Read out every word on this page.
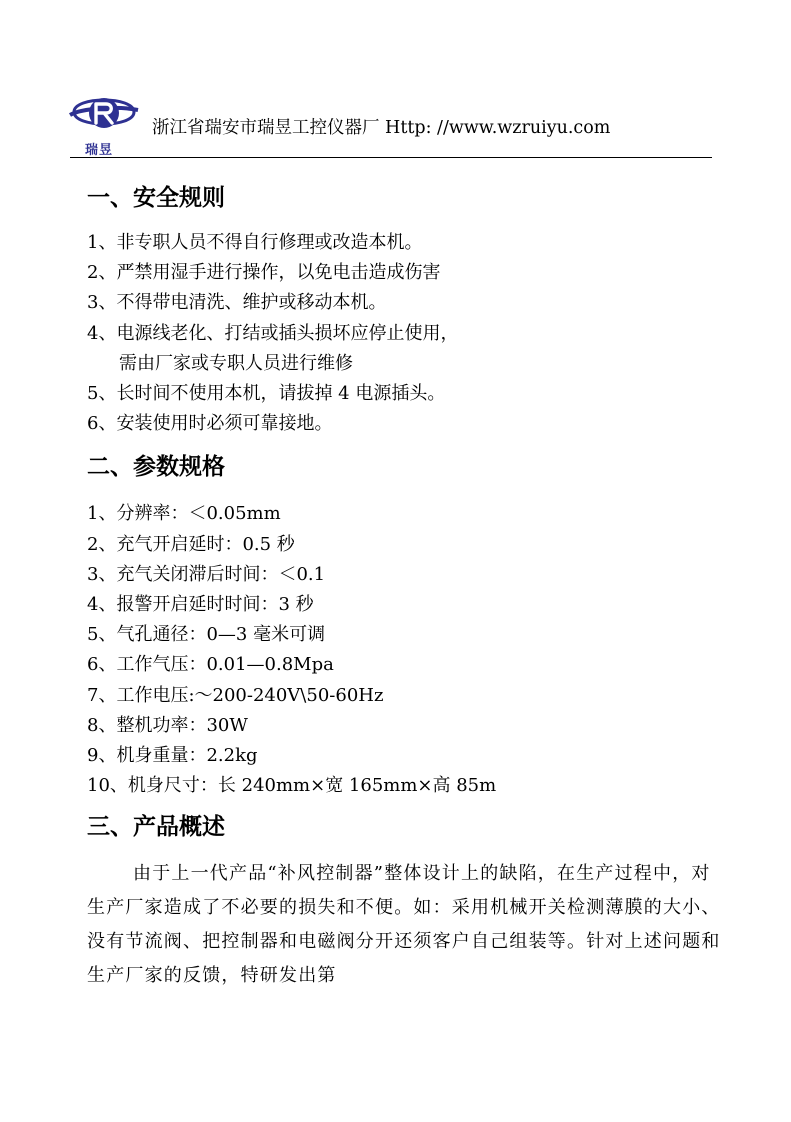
瑞昱
浙江省瑞安市瑞昱工控仪器厂 Http: //www.wzruiyu.com
一、安全规则
1、非专职人员不得自行修理或改造本机。
2、严禁用湿手进行操作，以免电击造成伤害
3、不得带电清洗、维护或移动本机。
4、电源线老化、打结或插头损坏应停止使用，
需由厂家或专职人员进行维修
5、长时间不使用本机，请拔掉 4 电源插头。
6、安装使用时必须可靠接地。
二、参数规格
1、分辨率：＜0.05mm
2、充气开启延时：0.5 秒
3、充气关闭滞后时间：＜0.1
4、报警开启延时时间：3 秒
5、气孔通径：0—3 毫米可调
6、工作气压：0.01—0.8Mpa
7、工作电压:～200-240V\50-60Hz
8、整机功率：30W
9、机身重量：2.2kg
10、机身尺寸：长 240mm×宽 165mm×高 85m
三、产品概述

由于上一代产品“补风控制器”整体设计上的缺陷，在生产过程中，对生产厂家造成了不必要的损失和不便。如：采用机械开关检测薄膜的大小、没有节流阀、把控制器和电磁阀分开还须客户自己组装等。针对上述问题和生产厂家的反馈，特研发出第
